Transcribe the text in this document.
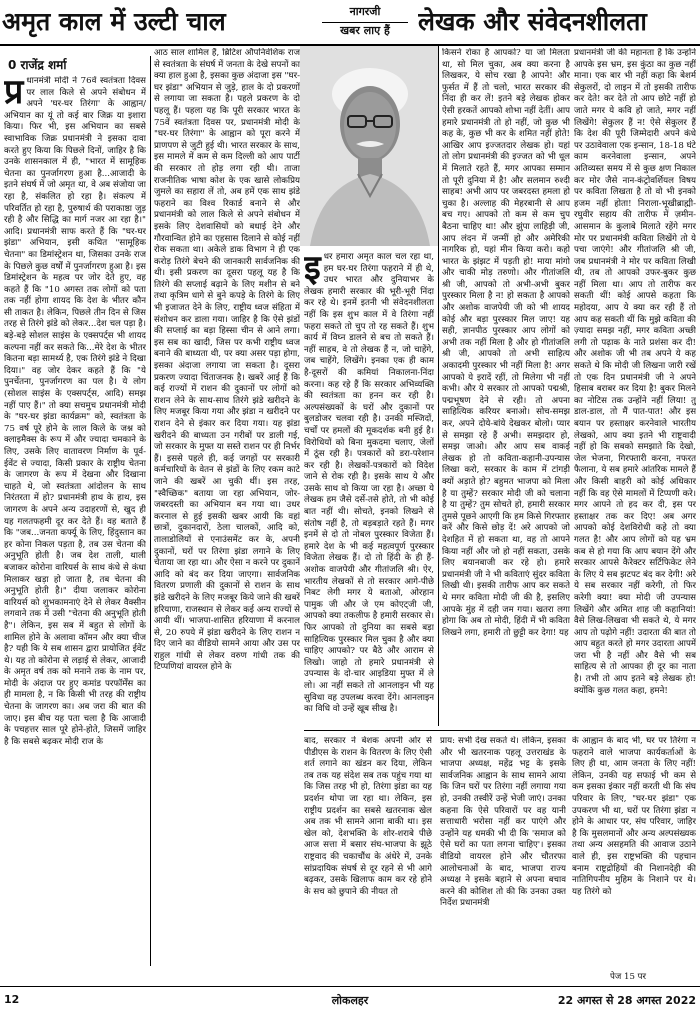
अमृत काल में उल्टी चाल	नागरजी
खबर लाए हैं	लेखक और संवेदनशीलता
0 राजेंद्र शर्मा

प्र धानमंत्री मोदी ने 76वें स्वतंत्रता दिवस पर लाल किले से अपने संबोधन में अपने 'घर-घर तिरंगा' के आह्वान/अभियान का यूं तो कई बार जिक्र या इशारा किया। फिर भी, इस अभियान का सबसे स्वाभाविक जिक्र प्रधानमंत्री ने इसका दावा करते हुए किया कि पिछले दिनों, जाहिर है कि उनके शासनकाल में ही, "भारत में सामूहिक चेतना का पुनर्जागरण हुआ है...आजादी के इतने संघर्ष में जो अमृत था, वे अब संजोया जा रहा है, संकलित हो रहा है। संकल्प में परिवर्तित हो रहा है, पुरुषार्थ की पराकाष्ठा जुड़ रही है और सिद्धि का मार्ग नजर आ रहा है।" आदि। प्रधानमंत्री साफ करते हैं कि "घर-घर झंडा" अभियान, इसी कथित "सामूहिक चेतना" का डिमांस्ट्रेशन था, जिसका उनके राज के पिछले कुछ वर्षों में पुनर्जागरण हुआ है। इस डिमांस्ट्रेशन के महत्व पर जोर देते हुए, वह कहते हैं कि "10 अगस्त तक लोगों को पता तक नहीं होगा शायद कि देश के भीतर कौन सी ताकत है। लेकिन, पिछले तीन दिन से जिस तरह से तिरंगे झंडे को लेकर...देश चल पड़ा है। बड़े-बड़े सोशल साइंस के एक्सपर्ट्स भी शायद कल्पना नहीं कर सकते कि...मेरे देश के भीतर कितना बड़ा सामर्थ्य है, एक तिरंगे झंडे ने दिखा दिया।" वह जोर देकर कहते हैं कि "ये पुनर्चेतना, पुनर्जागरण का पल है। ये लोग (सोशल साइंस के एक्सपर्ट्स, आदि) समझ नहीं पाए हैं।" तो क्या सचमुच प्रधानमंत्री मोदी के "घर-घर झंडा कार्यक्रम" को, स्वतंत्रता के 75 वर्ष पूरे होने के लाल किले के जश्न को क्लाइमैक्स के रूप में और ज्यादा चमकाने के लिए, उसके लिए वातावरण निर्माण के पूर्व-ईवेंट से ज्यादा, किसी प्रकार के राष्ट्रीय चेतना के जागरण के रूप में देखना और दिखाना चाहते थे, जो स्वतंत्रता आंदोलन के साथ निरंतरता में हो? प्रधानमंत्री हाथ के हाथ, इस जागरण के अपने अन्य उदाहरणों से, खुद ही यह गलतफहमी दूर कर देते हैं। वह बताते हैं कि "जब...जनता कर्फ्यू के लिए, हिंदुस्तान का हर कोना निकल पड़ता है, तब उस चेतना की अनुभूति होती है। जब देश ताली, थाली बजाकर कोरोना वारियर्स के साथ कंधे से कंधा मिलाकर खड़ा हो जाता है, तब चेतना की अनुभूति होती है।" दीया जलाकर कोरोना वारियर्स को शुभकामनाएं देने से लेकर वैक्सीन लगवाने तक में उसी "चेतना की अनुभूति होती है"। लेकिन, इस सब में बहुत से लोगों के शामिल होने के अलावा कॉमन और क्या चीज है? यही कि ये सब शासन द्वारा प्रायोजित ईवेंट थे। यह तो कोरोना से लड़ाई से लेकर, आजादी के अमृत वर्ष तक को मनाने तक के नाम पर, मोदी के अंदाज पर हुए कमांड परफॉर्मेंस का ही मामला है, न कि किसी भी तरह की राष्ट्रीय चेतना के जागरण का। अब जरा की बात की जाए। इस बीच यह पता चला है कि आजादी के पचहत्तर साल पूरे होने-होते, जिसमें जाहिर है कि सबसे बढ़कर मोदी राज के

आठ साल शामिल हैं, ब्रिटिश औपनिवेशिक राज से स्वतंत्रता के संघर्ष में जनता के देखे सपनों का क्या हाल हुआ है, इसका कुछ अंदाजा इस "घर-घर झंडा" अभियान से जुड़े, हाल के दो प्रकरणों से लगाया जा सकता है। पहले प्रकरण के दो पहलू हैं। पहला यह कि पूरी सरकार भारत के 75वें स्वतंत्रता दिवस पर, प्रधानमंत्री मोदी के "घर-घर तिरंगा" के आह्वान को पूरा करने में प्राणपण से जुटी हुई थी। भारत सरकार के साथ, इस मामले में कम से कम दिल्ली को आप पार्टी की सरकार तो होड़ लगा रही थी। ताजा राजनीतिक भाषा कोश के एक खासे लोकप्रिय जुमले का सहारा लें तो, अब हमें एक साथ झंडे फहराने का विश्व रिकार्ड बनाने से और प्रधानमंत्री को लाल किले से अपने संबोधन में इसके लिए देशवासियों को बधाई देने और गौरवान्वित होने का एहसास दिलाने से कोई नहीं रोक सकता था। अकेले डाक विभाग ने ही एक करोड़ तिरंगे बेचने की जानकारी सार्वजनिक की थी। इसी प्रकरण का दूसरा पहलू यह है कि तिरंगे की सप्लाई बढ़ाने के लिए मशीन से बने तथा कृत्रिम धागे से बुने कपड़े के तिरंगे के लिए भी इजाजत देने के लिए, राष्ट्रीय ध्वज संहिता में संशोधन कर डाला गया। जाहिर है कि ऐसे झंडों की सप्लाई का बड़ा हिस्सा चीन से आने लगा। इस सब का खादी, जिस पर कभी राष्ट्रीय ध्वज बनाने की बाध्यता थी, पर क्या असर पड़ा होगा, इसका अंदाजा लगाया जा सकता है। दूसरा प्रकरण ज्यादा चिंताजनक है। खबरें आई हैं कि कई राज्यों में राशन की दुकानों पर लोगों को राशन लेने के साथ-साथ तिरंगे झंडे खरीदने के लिए मजबूर किया गया और झंडा न खरीदने पर राशन देने से इंकार कर दिया गया। यह झंडा खरीदने की बाध्यता उन गरीबों पर डाली गई, जो सरकार के मुफ्त या सस्ते राशन पर ही निर्भर हैं। इससे पहले ही, कई जगहों पर सरकारी कर्मचारियों के वेतन से झंडों के लिए रकम काटे जाने की खबरें आ चुकी थीं। इस तरह, "स्वैच्छिक" बताया जा रहा अभियान, जोर-जबरदस्ती का अभियान बन गया था। उधर करनाल से हुई इसकी खबर आयी कि वहां छात्रों, दुकानदारों, ठेला चालकों, आदि को, तालाडोलियों से एनाउंसमेंट कर के, अपनी दुकानों, घरों पर तिरंगा झंडा लगाने के लिए चेताया जा रहा था। और ऐसा न करने पर दुकानें आदि को बंद कर दिया जाएगा। सार्वजनिक वितरण प्रणाली की दुकानों से राशन के साथ झंडे खरीदने के लिए मजबूर किये जाने की खबरें हरियाणा, राजस्थान से लेकर कई अन्य राज्यों से आयी थीं। भाजपा-शासित हरियाणा में करनाल से, 20 रुपये में झंडा खरीदने के लिए राशन न दिए जाने का वीडियो सामने आया और उस पर राहुल गांधी से लेकर वरुण गांधी तक की टिप्पणियां वायरल होने के

इधर हमारा अमृत काल चल रहा था, हम घर-घर तिरंगा फहराने में ही थे, उधर भारत और दुनियाभर के लेखक हमारी सरकार की भूरी-भूरी निंदा कर रहे थे। इनमें इतनी भी संवेदनशीलता नहीं कि इस शुभ काल में वे तिरंगा नहीं फहरा सकते तो चुप तो रह सकते हैं। शुभ कार्य में विघ्न डालने से बच तो सकते हैं। नहीं साहब, वे तो लेखक हैं न, जो चाहेंगे, जब चाहेंगे, लिखेंगे। इनका एक ही काम है-दूसरों की कमियां निकालना-निंदा करना। कह रहे हैं कि सरकार अभिव्यक्ति की स्वतंत्रता का हनन कर रही है। अल्पसंख्यकों के घरों और दुकानों पर बुलडोजर चलवा रही है। उनकी मस्जिदों, चर्चों पर हमलों की मूकदर्शक बनी हुई है। विरोधियों को बिना मुकदमा चलाए, जेलों में ठूंस रही है। पत्रकारों को डरा-परेशान कर रही है। लेखकों-पत्रकारों को विदेश जाने से रोक रही है। इसके साथ ये और उसके साथ वो किया जा रहा है। अच्छा ये लेखक हम जैसे दर्से-तसे होते, तो भी कोई बात नहीं थी। सोचते, इनको लिखने से संतोष नहीं है, तो बड़बड़ाते रहते हैं। मगर इनमें से दो तो नोबल पुरस्कार विजेता हैं। हमारे देश के भी कई महत्वपूर्ण पुरस्कार विजेता लेखक हैं। दो तो हिंदी के ही हैं-अशोक वाजपेयी और गीतांजलि श्री। ऐर, भारतीय लेखकों से तो सरकार आगे-पीछे निबट लेगी मगर ये बताओ, ओरहान पामुक जी और जे एम कोएट्जी जी, आपको क्या तकलीफ है हमारी सरकार से। फिर आपको तो दुनिया का सबसे बड़ा साहित्यिक पुरस्कार मिल चुका है और क्या चाहिए आपको? पर बैठे और आराम से लिखो। जाहो तो हमारे प्रधानमंत्री से उपन्यास के दो-चार आइडिया मुफ्त में ले लो। आ नहीं सकते तो आनलाइन भी यह सुविधा वह उपलब्ध करवा देंगे। आनलाइन का विधि वो उन्हें खूब सीख है।

किसने रोका है आपको? या जो मिलता था, सो मिल चुका, अब क्या करना है लिखकर, ये सोच रखा है आपने! और फुर्सत में हैं तो चलो, भारत सरकार की निंदा ही कर लें! इतने बड़े लेखक होकर ऐसी हरकतें आपको शोभा नहीं देतीं। आप हमारे प्रधानमंत्री तो हो नहीं, जो कुछ भी कह के, कुछ भी कर के शमित नहीं होते! आखिर आप इज्जतदार लेखक हो। यहां तो लोग प्रधानमंत्री की इज्जत को भी धूल में मिलाते रहते हैं, मगर आपका सम्मान तो पूरी दुनिया में है! और सलमान रुश्दी साहब! अभी आप पर जबरदस्त हमला हो चुका है। अल्लाह की मेहरबानी से आप बच गए। आपको तो कम से कम चुप बैठना चाहिए था! और झुंपा लाहिड़ी जी, आप लंदन में जन्मीं हो और अमेरिकी नागरिक हो, यहां मीन किया करो। कहो भारत के झंझट में पड़ती हो! माया मांगो और चाकी मोड़ तरुणो। और गीतांजलि श्री जी, आपको तो अभी-अभी बुकर पुरस्कार मिला है न! हो सकता है आपको और अशोक वाजपेयी जी को भी शायद कोई और बड़ा पुरस्कार मिल जाए! यह सही, ज्ञानपीठ पुरस्कार आप लोगों को अभी तक नहीं मिला है और हो गीतांजलि श्री जी, आपको तो अभी साहित्य अकादमी पुरस्कार भी नहीं मिला है! अगर आपको ये इरादें रहीं, तो मिलेगा भी नहीं कभी। और ये सरकार तो आपको पद्मश्री, पद्मभूषण देने से रही। तो अपना साहित्यिक करियर बनाओ। सोच-समझ कर, अपने दोये-बांये देखकर बोलो। प्यार से समझा रहे हैं अभी। समझदार हो, समझ जाओ। और आप सब वाकई लेखक हो तो कविता-कहानी-उपन्यास लिखा करो, सरकार के काम में टांगड़ी क्यों अड़ाते हो? बहुमत भाजपा को मिला है या तुम्हें? सरकार मोदी जी को चलाना है या तुम्हें? तुम सोचते हो, हमारी सरकार तुमसे पूछने आएगी कि हम किसे गिरफ्तार करें और किसे छोड़ दें! अरे आपको जो देशहित में हो सकता था, वह तो आपने किया नहीं और जो हो नहीं सकता, उसके लिए बयानबाजी कर रहे हो। हमारे प्रधानमंत्री जी ने भी कविताएं सुंदर कविता लिखी थी। इसकी तारीफ आप कर सकते थे मगर कविता मोदी जी की है, इसलिए आपके मुंह में दही जम गया। खतरा लगा होगा कि अब तो मोदी, हिंदी में भी कविता लिखने लगा, हमारी तो छुट्टी कर देगा! यह

प्रधानमंत्री जी की महानता है कि उन्होंने आपके इस भ्रम, इस कुंठा का कुछ नहीं माना। एक बार भी नहीं कहा कि बेशर्म सेकुलरों, दो लाइन में तो इसकी तारीफ कर देते! कर देते तो आप छोटे नहीं हो जाते मगर ये कवि हो जाते, मगर नहीं लिखेंगे! सेकुलर हैं न! ऐसे सेकुलर हैं कि देश की पूरी जिम्मेदारी अपने कंधे पर उठावेवाला एक इन्सान, 18-18 घंटे काम करनेवाला इन्सान, अपने अतिव्यस्त समय में से कुछ क्षण निकाल कर मोर जैसे नान-कंट्रोवर्शियल विषय पर कविता लिखता है तो वो भी इनको हजम नहीं होता! निराला-भूखीब्राह्मी-रघुवीर सहाय की तारीफ में ज़मीन-आसमान के कुलाबे मिलाते रहेंगे मगर मोर पर प्रधानमंत्री कविता लिखेंगे तो ये पचा जाएंगे! और गीतांजलि श्री जी, जब प्रधानमंत्री ने मोर पर कविता लिखी थी, तब तो आपको उफर-बुकर कुछ नहीं मिला था। आप तो तारीफ कर सकती थीं! कोई आपसे कहता कि महोदया, आप ये क्या कर रही हैं तो आप कह सकती थीं कि मुझे कविता की ज़्यादा समझ नहीं, मगर कविता अच्छी लगी तो पढ़ाक के नाते प्रशंसा कर दी! और अशोक जी भी तब अपने ये कह सकते थे कि मोदी जी लिखना जारी रखें तो एक दिन प्रधानमंत्री जी ने अपने हिसाब बराबर कर दिया है! बुकर मिलने का नोटिस तक उन्होंने नहीं लिया! तु डाल-डाल, तो मैं पात-पात! और इस बयान पर हस्ताक्षर करनेवाले भारतीय लेखको, आप क्या इतने भी राष्ट्रवादी नहीं हो कि सबको समझाते कि देखो, जेल भेजना, गिरफ्तारी करना, नफरत फैलाना, ये सब हमारे आंतरिक मामले हैं और किसी बाहरी को कोई अधिकार नहीं कि वह ऐसे मामलों में टिप्पणी करे। मगर आपने तो हद कर दी, इस पर हस्ताक्षर तक कर दिए! अब अगर आपको कोई देशविरोधी कहे तो क्या गलत है! और आप लोगों को यह भ्रम कब से हो गया कि आप बयान देंगे और सरकार आपसे कैरेक्टर सर्टिफिकेट लेने के लिए ये सब झटपट बंद कर देगी! अरे ये सब सरकार नहीं करेगी, तो फिर करेगी क्या! क्या मोदी जी उपन्यास लिखेंगे और अमित शाह जी कहानियां! वैसे लिख-लिखवा भी सकते थे, ये मगर आप तो पढ़ोगे नहीं! उदारता की बात तो आप बहुत करते हो मगर उदारता आपमें जरा भी है नहीं और वैसे भी सब साहित्य से तो आपका ही दूर का नाता है। तभी तो आप इतने बड़े लेखक हो! क्योंकि कुछ गलत कहा, हमने!

बाद, सरकार ने बेशक अपनी ओर से पीडीएस के राशन के वितरण के लिए ऐसी शर्त लगाने का खंडन कर दिया, लेकिन तब तक यह संदेश सब तक पहुंच गया था कि जिस तरह भी हो, तिरंगा झंडा का यह प्रदर्शन थोपा जा रहा था। लेकिन, इस राष्ट्रीय प्रदर्शन का सबसे खतरनाक खेल अब तक भी सामने आना बाकी था। इस खेल को, देशभक्ति के शोर-शराबे पीछे आज सत्ता में बसार संघ-भाजपा के झूठे राष्ट्रवाद की चकाचौंध के अंधेरे में, उनके सांप्रदायिक संघर्ष से दूर रहने से भी आगे बढ़कर, उसके खिलाफ काम कर रहे होने के सच को छुपाने की नीयत तो

प्राय: सभी देख सकते थे। लेकिन, इसका और भी खतरनाक पहलू उत्तराखंड के भाजपा अध्यक्ष, महेंद्र भट्ट के इसके सार्वजनिक आह्वान के साथ सामने आया कि जिन घरों पर तिरंगा नहीं लगाया गया हो, उनकी तस्वीरें उन्हें भेजी जाएं। उनका कहना कि ऐसे परिवारों पर वह यानी सत्ताधारी भरोसा नहीं कर पाएंगे और उन्होंने यह धमकी भी दी कि 'समाज को ऐसे घरों का पता लगना चाहिए'। इसका वीडियो वायरल होने और चौतरफा आलोचनाओं के बाद, भाजपा राज्य अध्यक्ष ने इसके बहाने से अपना बचाव करने की कोशिश तो की कि उनका उक्त निर्देश प्रधानमंत्री

के आह्वान के बाद भी, घर पर तिरंगा न फहराने वाले भाजपा कार्यकर्ताओं के लिए ही था, आम जनता के लिए नहीं! लेकिन, उनकी यह सफाई भी कम से कम इसका इंकार नहीं करती थी कि संघ परिवार के लिए, "घर-घर झंडा" एक उपकरण भी था, घरों पर तिरंगा झंडा न होने के आधार पर, संघ परिवार, जाहिर है कि मुसलमानों और अन्य अल्पसंख्यक तथा अन्य असहमति की आवाज उठाने वाले ही, इस राष्ट्रभक्ति की पहचान बनाम राष्ट्रद्रोहियों की निशानदेही की नातिगिपनीय मुहिम के निशाने पर थे। यह तिरंगे को

पेज 15 पर
12	लोकलहर	22 अगस्त से 28 अगस्त 2022
